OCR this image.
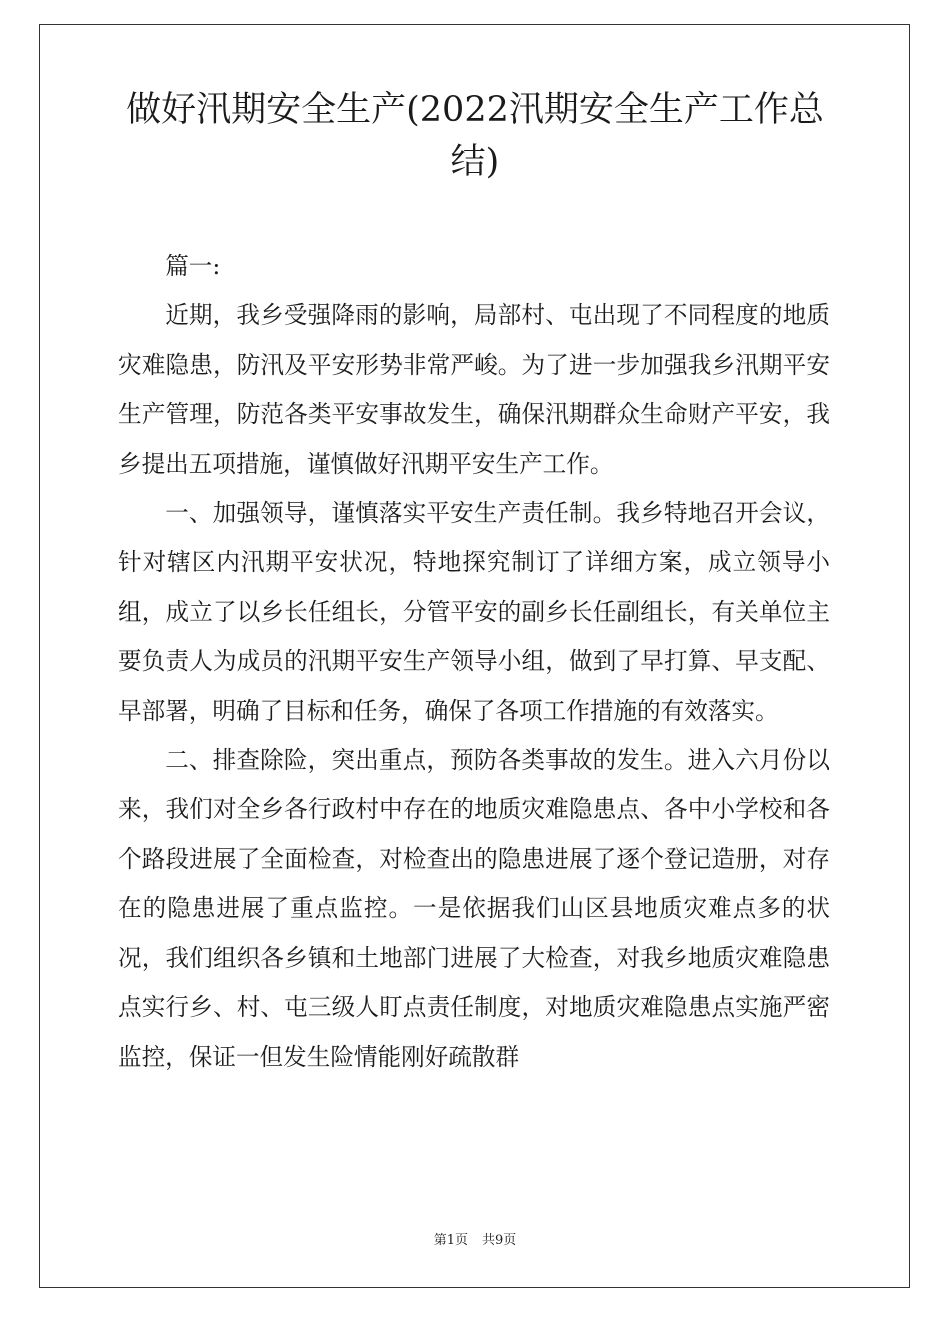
做好汛期安全生产(2022汛期安全生产工作总结)

篇一:

近期，我乡受强降雨的影响，局部村、屯出现了不同程度的地质灾难隐患，防汛及平安形势非常严峻。为了进一步加强我乡汛期平安生产管理，防范各类平安事故发生，确保汛期群众生命财产平安，我乡提出五项措施，谨慎做好汛期平安生产工作。

一、加强领导，谨慎落实平安生产责任制。我乡特地召开会议，针对辖区内汛期平安状况，特地探究制订了详细方案，成立领导小组，成立了以乡长任组长，分管平安的副乡长任副组长，有关单位主要负责人为成员的汛期平安生产领导小组，做到了早打算、早支配、早部署，明确了目标和任务，确保了各项工作措施的有效落实。

二、排查除险，突出重点，预防各类事故的发生。进入六月份以来，我们对全乡各行政村中存在的地质灾难隐患点、各中小学校和各个路段进展了全面检查，对检查出的隐患进展了逐个登记造册，对存在的隐患进展了重点监控。一是依据我们山区县地质灾难点多的状况，我们组织各乡镇和土地部门进展了大检查，对我乡地质灾难隐患点实行乡、村、屯三级人盯点责任制度，对地质灾难隐患点实施严密监控，保证一但发生险情能刚好疏散群

第1页 共9页
